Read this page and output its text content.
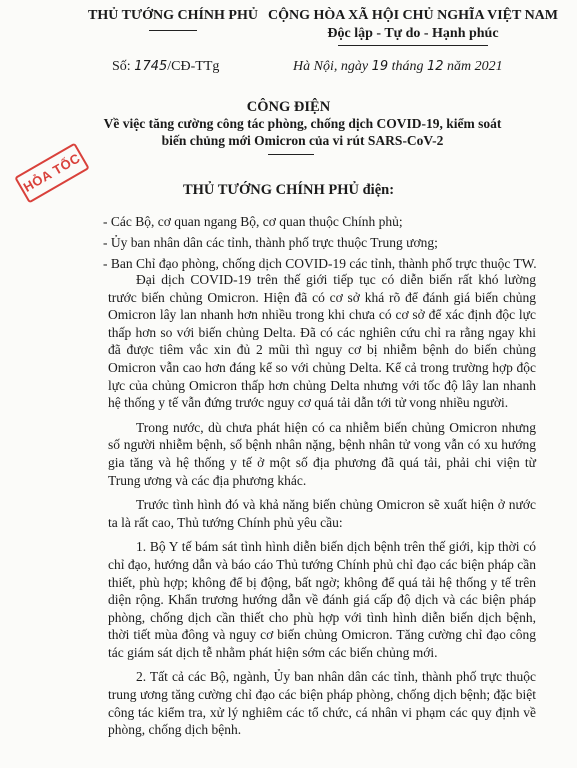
THỦ TƯỚNG CHÍNH PHỦ CỘNG HÒA XÃ HỘI CHỦ NGHĨA VIỆT NAM
Độc lập - Tự do - Hạnh phúc
Số: 1745/CĐ-TTg	Hà Nội, ngày 19 tháng 12 năm 2021
CÔNG ĐIỆN
Về việc tăng cường công tác phòng, chống dịch COVID-19, kiểm soát
biến chủng mới Omicron của vi rút SARS-CoV-2
HỎA TỐC	THỦ TƯỚNG CHÍNH PHỦ điện:
- Các Bộ, cơ quan ngang Bộ, cơ quan thuộc Chính phủ;
- Ủy ban nhân dân các tỉnh, thành phố trực thuộc Trung ương;
- Ban Chỉ đạo phòng, chống dịch COVID-19 các tỉnh, thành phố trực thuộc TW.

Đại dịch COVID-19 trên thế giới tiếp tục có diễn biến rất khó lường trước biến chủng Omicron. Hiện đã có cơ sở khá rõ để đánh giá biến chủng Omicron lây lan nhanh hơn nhiều trong khi chưa có cơ sở để xác định độc lực thấp hơn so với biến chủng Delta. Đã có các nghiên cứu chỉ ra rằng ngay khi đã được tiêm vắc xin đủ 2 mũi thì nguy cơ bị nhiễm bệnh do biến chủng Omicron vẫn cao hơn đáng kể so với chủng Delta. Kể cả trong trường hợp độc lực của chủng Omicron thấp hơn chủng Delta nhưng với tốc độ lây lan nhanh hệ thống y tế vẫn đứng trước nguy cơ quá tải dẫn tới tử vong nhiều người.

Trong nước, dù chưa phát hiện có ca nhiễm biến chủng Omicron nhưng số người nhiễm bệnh, số bệnh nhân nặng, bệnh nhân tử vong vẫn có xu hướng gia tăng và hệ thống y tế ở một số địa phương đã quá tải, phải chi viện từ Trung ương và các địa phương khác.

Trước tình hình đó và khả năng biến chủng Omicron sẽ xuất hiện ở nước ta là rất cao, Thủ tướng Chính phủ yêu cầu:

1. Bộ Y tế bám sát tình hình diễn biến dịch bệnh trên thế giới, kịp thời có chỉ đạo, hướng dẫn và báo cáo Thủ tướng Chính phủ chỉ đạo các biện pháp cần thiết, phù hợp; không để bị động, bất ngờ; không để quá tải hệ thống y tế trên diện rộng. Khẩn trương hướng dẫn về đánh giá cấp độ dịch và các biện pháp phòng, chống dịch cần thiết cho phù hợp với tình hình diễn biến dịch bệnh, thời tiết mùa đông và nguy cơ biến chủng Omicron. Tăng cường chỉ đạo công tác giám sát dịch tễ nhằm phát hiện sớm các biến chủng mới.

2. Tất cả các Bộ, ngành, Ủy ban nhân dân các tỉnh, thành phố trực thuộc trung ương tăng cường chỉ đạo các biện pháp phòng, chống dịch bệnh; đặc biệt công tác kiểm tra, xử lý nghiêm các tổ chức, cá nhân vi phạm các quy định về phòng, chống dịch bệnh.
